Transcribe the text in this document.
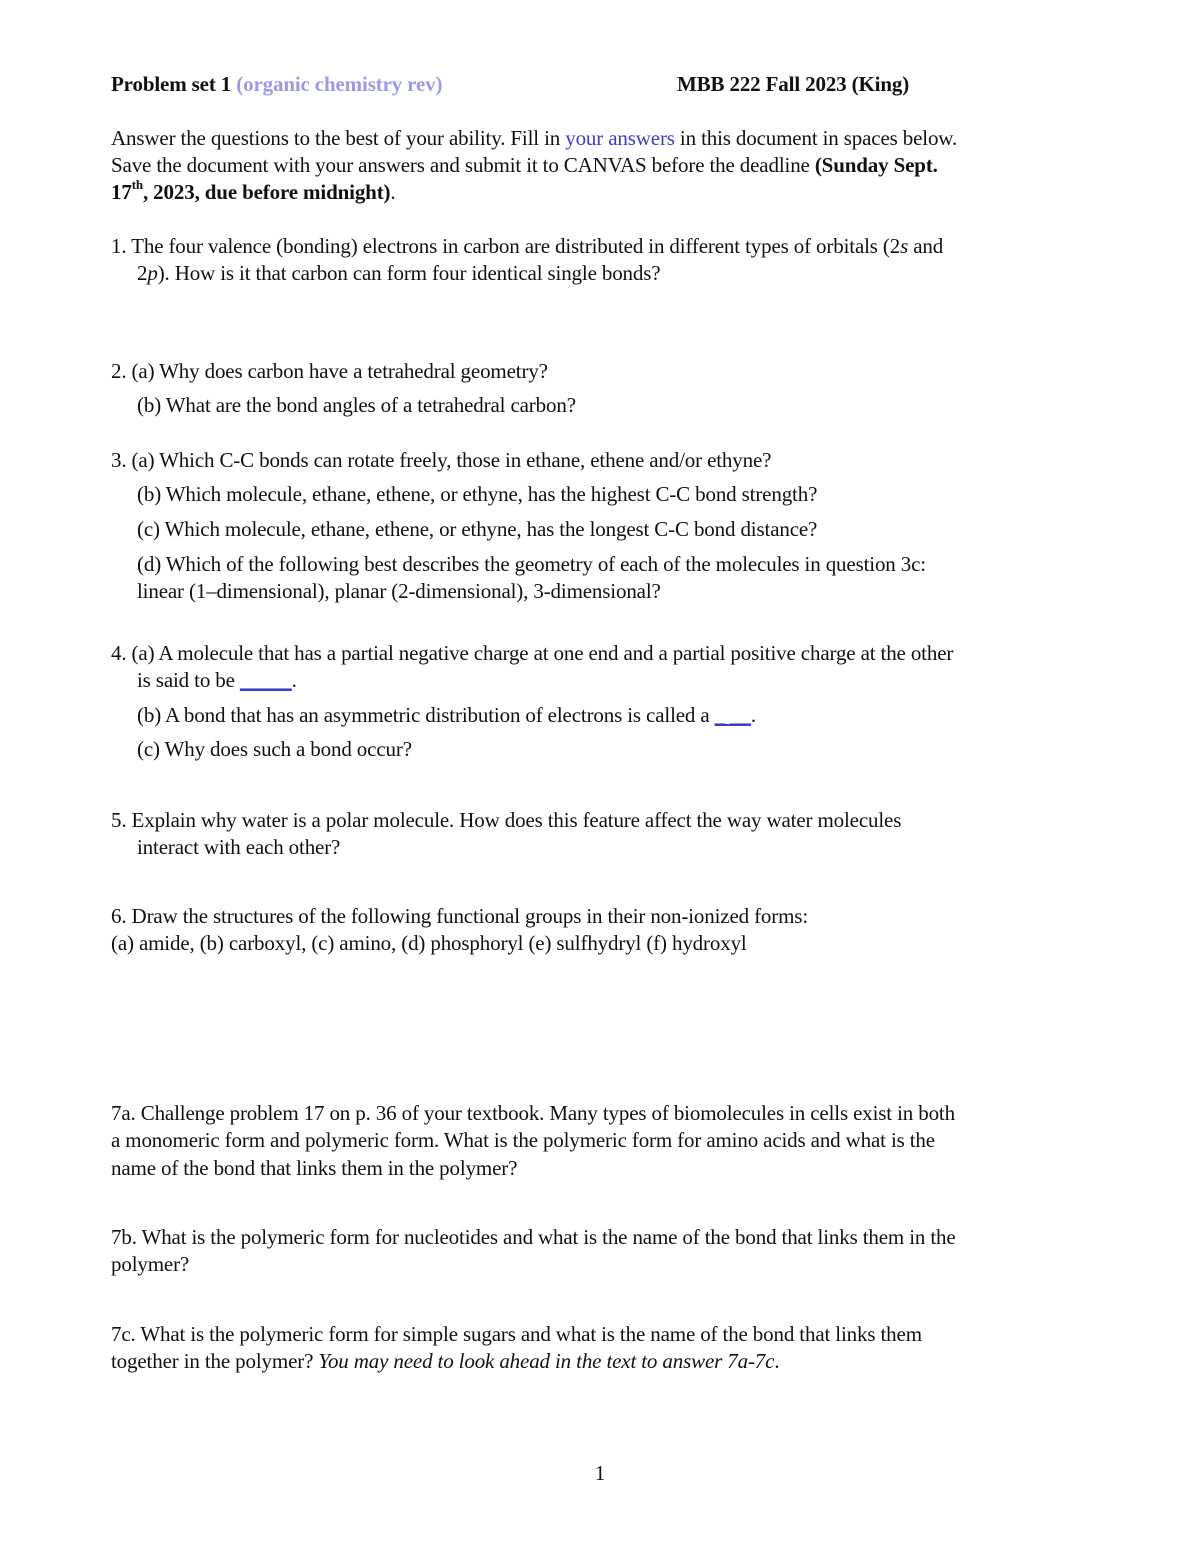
Problem set 1 (organic chemistry rev)	MBB 222 Fall 2023 (King)
Answer the questions to the best of your ability. Fill in your answers in this document in spaces below.
Save the document with your answers and submit it to CANVAS before the deadline (Sunday Sept.
17th, 2023, due before midnight).
1. The four valence (bonding) electrons in carbon are distributed in different types of orbitals (2s and
2p). How is it that carbon can form four identical single bonds?
2. (a) Why does carbon have a tetrahedral geometry?
(b) What are the bond angles of a tetrahedral carbon?
3. (a) Which C-C bonds can rotate freely, those in ethane, ethene and/or ethyne?
(b) Which molecule, ethane, ethene, or ethyne, has the highest C-C bond strength?
(c) Which molecule, ethane, ethene, or ethyne, has the longest C-C bond distance?
(d) Which of the following best describes the geometry of each of the molecules in question 3c:
linear (1–dimensional), planar (2-dimensional), 3-dimensional?
4. (a) A molecule that has a partial negative charge at one end and a partial positive charge at the other
is said to be _____.
(b) A bond that has an asymmetric distribution of electrons is called a _ __.
(c) Why does such a bond occur?
5. Explain why water is a polar molecule. How does this feature affect the way water molecules
interact with each other?
6. Draw the structures of the following functional groups in their non-ionized forms:
(a) amide, (b) carboxyl, (c) amino, (d) phosphoryl (e) sulfhydryl (f) hydroxyl
7a. Challenge problem 17 on p. 36 of your textbook. Many types of biomolecules in cells exist in both
a monomeric form and polymeric form. What is the polymeric form for amino acids and what is the
name of the bond that links them in the polymer?
7b. What is the polymeric form for nucleotides and what is the name of the bond that links them in the
polymer?
7c. What is the polymeric form for simple sugars and what is the name of the bond that links them
together in the polymer? You may need to look ahead in the text to answer 7a-7c.
1
